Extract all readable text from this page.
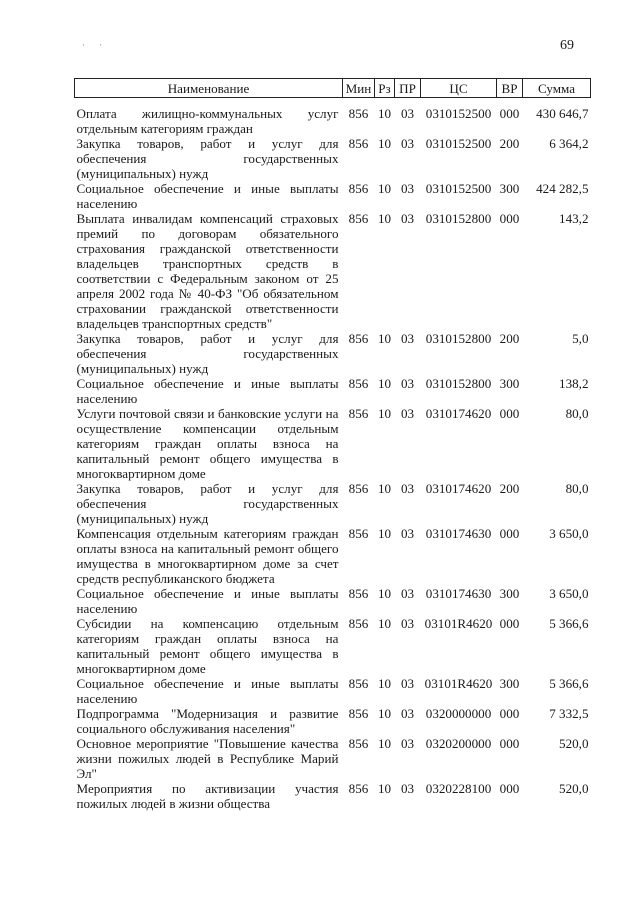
· ·	69
Наименование	Мин	Рз	ПР	ЦС	ВР	Сумма
Оплата жилищно-коммунальных услуг отдельным категориям граждан	856	10	03	0310152500	000	430 646,7
Закупка товаров, работ и услуг для обеспечения государственных (муниципальных) нужд	856	10	03	0310152500	200	6 364,2
Социальное обеспечение и иные выплаты населению	856	10	03	0310152500	300	424 282,5
Выплата инвалидам компенсаций страховых премий по договорам обязательного страхования гражданской ответственности владельцев транспортных средств в соответствии с Федеральным законом от 25 апреля 2002 года № 40-ФЗ "Об обязательном страховании гражданской ответственности владельцев транспортных средств"	856	10	03	0310152800	000	143,2
Закупка товаров, работ и услуг для обеспечения государственных (муниципальных) нужд	856	10	03	0310152800	200	5,0
Социальное обеспечение и иные выплаты населению	856	10	03	0310152800	300	138,2
Услуги почтовой связи и банковские услуги на осуществление компенсации отдельным категориям граждан оплаты взноса на капитальный ремонт общего имущества в многоквартирном доме	856	10	03	0310174620	000	80,0
Закупка товаров, работ и услуг для обеспечения государственных (муниципальных) нужд	856	10	03	0310174620	200	80,0
Компенсация отдельным категориям граждан оплаты взноса на капитальный ремонт общего имущества в многоквартирном доме за счет средств республиканского бюджета	856	10	03	0310174630	000	3 650,0
Социальное обеспечение и иные выплаты населению	856	10	03	0310174630	300	3 650,0
Субсидии на компенсацию отдельным категориям граждан оплаты взноса на капитальный ремонт общего имущества в многоквартирном доме	856	10	03	03101R4620	000	5 366,6
Социальное обеспечение и иные выплаты населению	856	10	03	03101R4620	300	5 366,6
Подпрограмма "Модернизация и развитие социального обслуживания населения"	856	10	03	0320000000	000	7 332,5
Основное мероприятие "Повышение качества жизни пожилых людей в Республике Марий Эл"	856	10	03	0320200000	000	520,0
Мероприятия по активизации участия пожилых людей в жизни общества	856	10	03	0320228100	000	520,0
